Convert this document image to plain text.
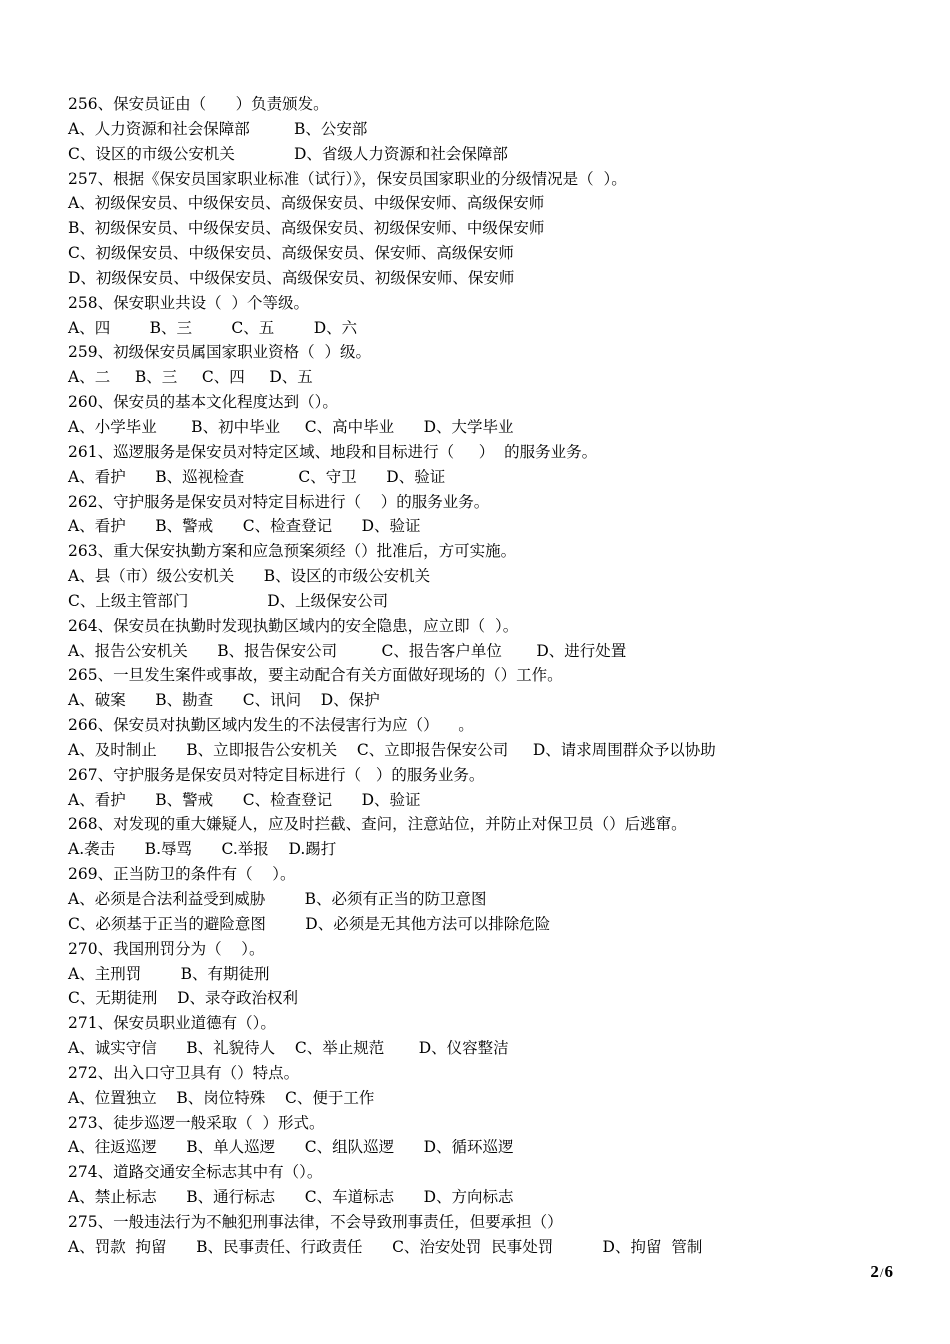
256、保安员证由（      ）负责颁发。
A、人力资源和社会保障部         B、公安部
C、设区的市级公安机关            D、省级人力资源和社会保障部
257、根据《保安员国家职业标准（试行）》，保安员国家职业的分级情况是（  ）。
A、初级保安员、中级保安员、高级保安员、中级保安师、高级保安师
B、初级保安员、中级保安员、高级保安员、初级保安师、中级保安师
C、初级保安员、中级保安员、高级保安员、保安师、高级保安师
D、初级保安员、中级保安员、高级保安员、初级保安师、保安师
258、保安职业共设（  ）个等级。
A、四        B、三        C、五        D、六
259、初级保安员属国家职业资格（  ）级。
A、二     B、三     C、四     D、五
260、保安员的基本文化程度达到（）。
A、小学毕业       B、初中毕业     C、高中毕业      D、大学毕业
261、巡逻服务是保安员对特定区域、地段和目标进行（     ）  的服务业务。
A、看护      B、巡视检查           C、守卫      D、验证
262、守护服务是保安员对特定目标进行（    ）的服务业务。
A、看护      B、警戒      C、检查登记      D、验证
263、重大保安执勤方案和应急预案须经（）批准后，方可实施。
A、县（市）级公安机关      B、设区的市级公安机关
C、上级主管部门                D、上级保安公司
264、保安员在执勤时发现执勤区域内的安全隐患，应立即（  ）。
A、报告公安机关      B、报告保安公司         C、报告客户单位       D、进行处置
265、一旦发生案件或事故，要主动配合有关方面做好现场的（）工作。
A、破案      B、勘查      C、讯问    D、保护
266、保安员对执勤区域内发生的不法侵害行为应（）    。
A、及时制止      B、立即报告公安机关    C、立即报告保安公司     D、请求周围群众予以协助
267、守护服务是保安员对特定目标进行（   ）的服务业务。
A、看护      B、警戒      C、检查登记      D、验证
268、对发现的重大嫌疑人，应及时拦截、查问，注意站位，并防止对保卫员（）后逃窜。
A.袭击      B.辱骂      C.举报    D.踢打
269、正当防卫的条件有（    ）。
A、必须是合法利益受到威胁        B、必须有正当的防卫意图
C、必须基于正当的避险意图        D、必须是无其他方法可以排除危险
270、我国刑罚分为（    ）。
A、主刑罚        B、有期徒刑
C、无期徒刑    D、录夺政治权利
271、保安员职业道德有（）。
A、诚实守信      B、礼貌待人    C、举止规范       D、仪容整洁
272、出入口守卫具有（）特点。
A、位置独立    B、岗位特殊    C、便于工作
273、徒步巡逻一般采取（  ）形式。
A、往返巡逻      B、单人巡逻      C、组队巡逻      D、循环巡逻
274、道路交通安全标志其中有（）。
A、禁止标志      B、通行标志      C、车道标志      D、方向标志
275、一般违法行为不触犯刑事法律，不会导致刑事责任，但要承担（）
A、罚款  拘留      B、民事责任、行政责任      C、治安处罚  民事处罚          D、拘留  管制
2/6
